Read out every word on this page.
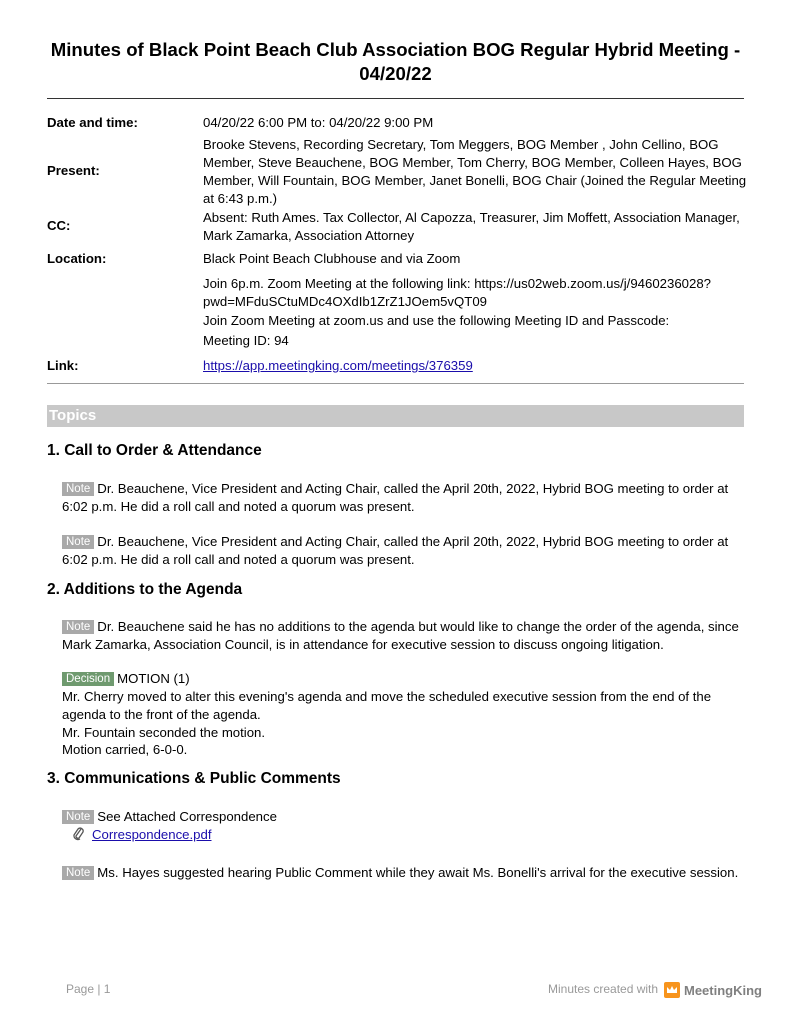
Minutes of Black Point Beach Club Association BOG Regular Hybrid Meeting - 04/20/22
Date and time:	04/20/22 6:00 PM to: 04/20/22 9:00 PM
Present:
Brooke Stevens, Recording Secretary, Tom Meggers, BOG Member , John Cellino, BOG Member, Steve Beauchene, BOG Member, Tom Cherry, BOG Member, Colleen Hayes, BOG Member, Will Fountain, BOG Member, Janet Bonelli, BOG Chair (Joined the Regular Meeting at 6:43 p.m.)
CC:
Absent: Ruth Ames. Tax Collector, Al Capozza, Treasurer, Jim Moffett, Association Manager, Mark Zamarka, Association Attorney
Location:	Black Point Beach Clubhouse and via Zoom
Join 6p.m. Zoom Meeting at the following link: https://us02web.zoom.us/j/9460236028?pwd=MFduSCtuMDc4OXdIb1ZrZ1JOem5vQT09
Join Zoom Meeting at zoom.us and use the following Meeting ID and Passcode:
Meeting ID: 94
Link:	https://app.meetingking.com/meetings/376359
Topics
1. Call to Order & Attendance
Note Dr. Beauchene, Vice President and Acting Chair, called the April 20th, 2022, Hybrid BOG meeting to order at 6:02 p.m. He did a roll call and noted a quorum was present.
Note Dr. Beauchene, Vice President and Acting Chair, called the April 20th, 2022, Hybrid BOG meeting to order at 6:02 p.m. He did a roll call and noted a quorum was present.
2. Additions to the Agenda
Note Dr. Beauchene said he has no additions to the agenda but would like to change the order of the agenda, since Mark Zamarka, Association Council, is in attendance for executive session to discuss ongoing litigation.
Decision MOTION (1)
Mr. Cherry moved to alter this evening's agenda and move the scheduled executive session from the end of the agenda to the front of the agenda.
Mr. Fountain seconded the motion.
Motion carried, 6-0-0.
3. Communications & Public Comments
Note See Attached Correspondence
Correspondence.pdf
Note Ms. Hayes suggested hearing Public Comment while they await Ms. Bonelli's arrival for the executive session.
Page | 1	Minutes created with MeetingKing
